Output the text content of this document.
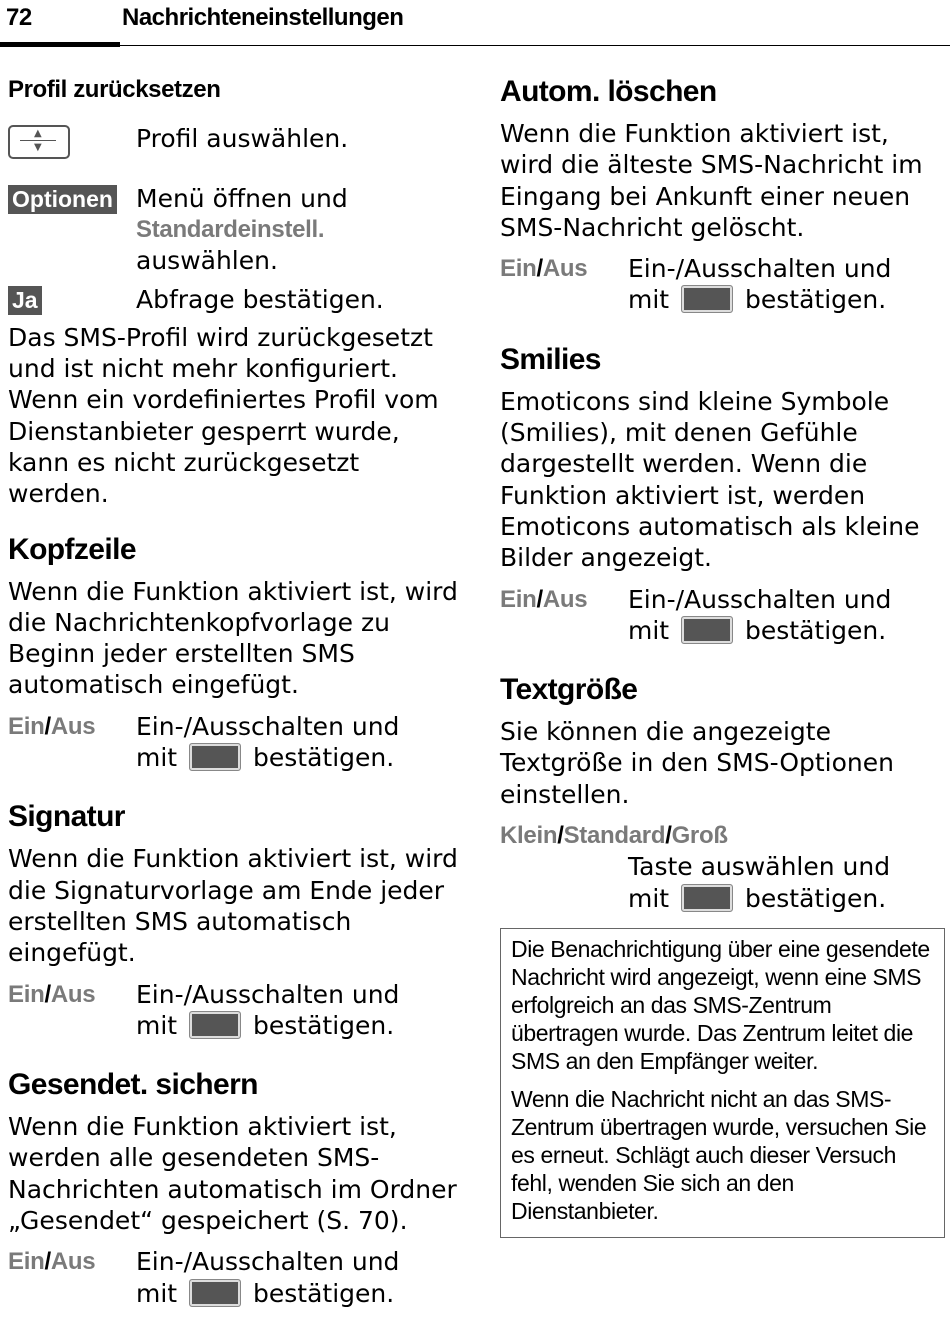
72	Nachrichteneinstellungen
Profil zurücksetzen
▲
▼	Profil auswählen.
Optionen Menü öffnen und
Standardeinstell.
auswählen.
Ja	Abfrage bestätigen.
Das SMS-Profil wird zurückgesetzt und ist nicht mehr konfiguriert. Wenn ein vordefiniertes Profil vom Dienstanbieter gesperrt wurde, kann es nicht zurückgesetzt werden.
Kopfzeile
Wenn die Funktion aktiviert ist, wird die Nachrichtenkopfvorlage zu Beginn jeder erstellten SMS automatisch eingefügt.
Ein/Aus	Ein-/Ausschalten und
mit	bestätigen.
Signatur
Wenn die Funktion aktiviert ist, wird die Signaturvorlage am Ende jeder erstellten SMS automatisch eingefügt.
Ein/Aus	Ein-/Ausschalten und
mit	bestätigen.
Gesendet. sichern
Wenn die Funktion aktiviert ist, werden alle gesendeten SMS-Nachrichten automatisch im Ordner „Gesendet“ gespeichert (S. 70).
Ein/Aus	Ein-/Ausschalten und
mit	bestätigen.
Autom. löschen
Wenn die Funktion aktiviert ist, wird die älteste SMS-Nachricht im Eingang bei Ankunft einer neuen SMS-Nachricht gelöscht.
Ein/Aus	Ein-/Ausschalten und
mit	bestätigen.
Smilies
Emoticons sind kleine Symbole (Smilies), mit denen Gefühle dargestellt werden. Wenn die Funktion aktiviert ist, werden Emoticons automatisch als kleine Bilder angezeigt.
Ein/Aus	Ein-/Ausschalten und
mit	bestätigen.
Textgröße
Sie können die angezeigte Textgröße in den SMS-Optionen einstellen.
Klein/Standard/Groß
Taste auswählen und
mit	bestätigen.

Die Benachrichtigung über eine gesendete Nachricht wird angezeigt, wenn eine SMS erfolgreich an das SMS-Zentrum übertragen wurde. Das Zentrum leitet die SMS an den Empfänger weiter.

Wenn die Nachricht nicht an das SMS-Zentrum übertragen wurde, versuchen Sie es erneut. Schlägt auch dieser Versuch fehl, wenden Sie sich an den Dienstanbieter.
